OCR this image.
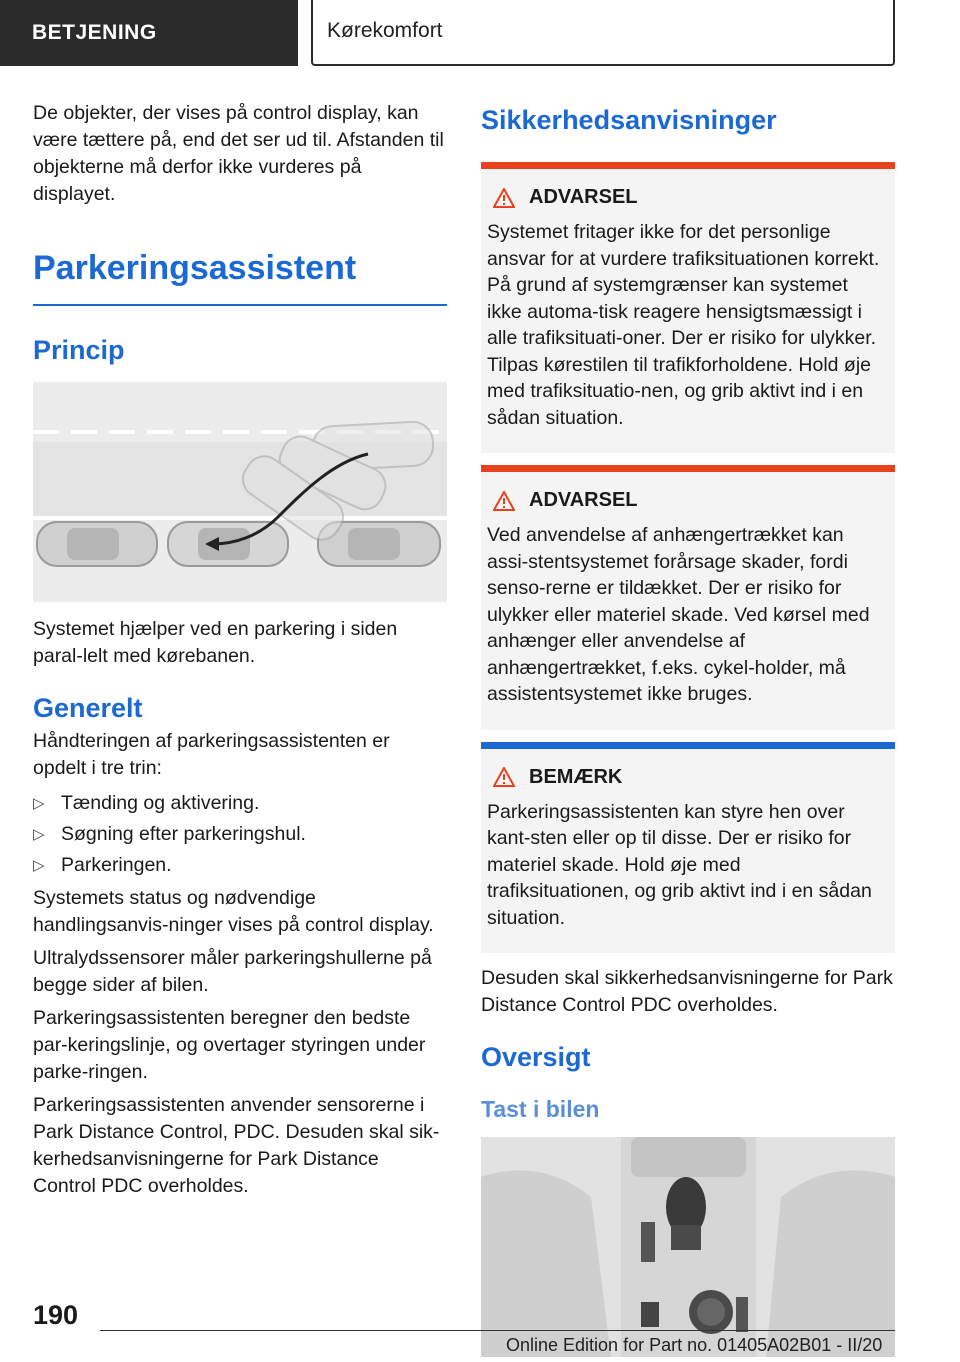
BETJENING	Kørekomfort

De objekter, der vises på control display, kan være tættere på, end det ser ud til. Afstanden til objekterne må derfor ikke vurderes på displayet.

Parkeringsassistent
Princip

Systemet hjælper ved en parkering i siden paral-lelt med kørebanen.

Generelt

Håndteringen af parkeringsassistenten er opdelt i tre trin:

▷ Tænding og aktivering.
▷ Søgning efter parkeringshul.
▷ Parkeringen.

Systemets status og nødvendige handlingsanvis-ninger vises på control display.

Ultralydssensorer måler parkeringshullerne på begge sider af bilen.

Parkeringsassistenten beregner den bedste par-keringslinje, og overtager styringen under parke-ringen.

Parkeringsassistenten anvender sensorerne i Park Distance Control, PDC. Desuden skal sik-kerhedsanvisningerne for Park Distance Control PDC overholdes.

Sikkerhedsanvisninger
ADVARSEL

Systemet fritager ikke for det personlige ansvar for at vurdere trafiksituationen korrekt. På grund af systemgrænser kan systemet ikke automa-tisk reagere hensigtsmæssigt i alle trafiksituati-oner. Der er risiko for ulykker. Tilpas kørestilen til trafikforholdene. Hold øje med trafiksituatio-nen, og grib aktivt ind i en sådan situation.

ADVARSEL

Ved anvendelse af anhængertrækket kan assi-stentsystemet forårsage skader, fordi senso-rerne er tildækket. Der er risiko for ulykker eller materiel skade. Ved kørsel med anhænger eller anvendelse af anhængertrækket, f.eks. cykel-holder, må assistentsystemet ikke bruges.

BEMÆRK

Parkeringsassistenten kan styre hen over kant-sten eller op til disse. Der er risiko for materiel skade. Hold øje med trafiksituationen, og grib aktivt ind i en sådan situation.

Desuden skal sikkerhedsanvisningerne for Park Distance Control PDC overholdes.

Oversigt
Tast i bilen
190
Online Edition for Part no. 01405A02B01 - II/20
